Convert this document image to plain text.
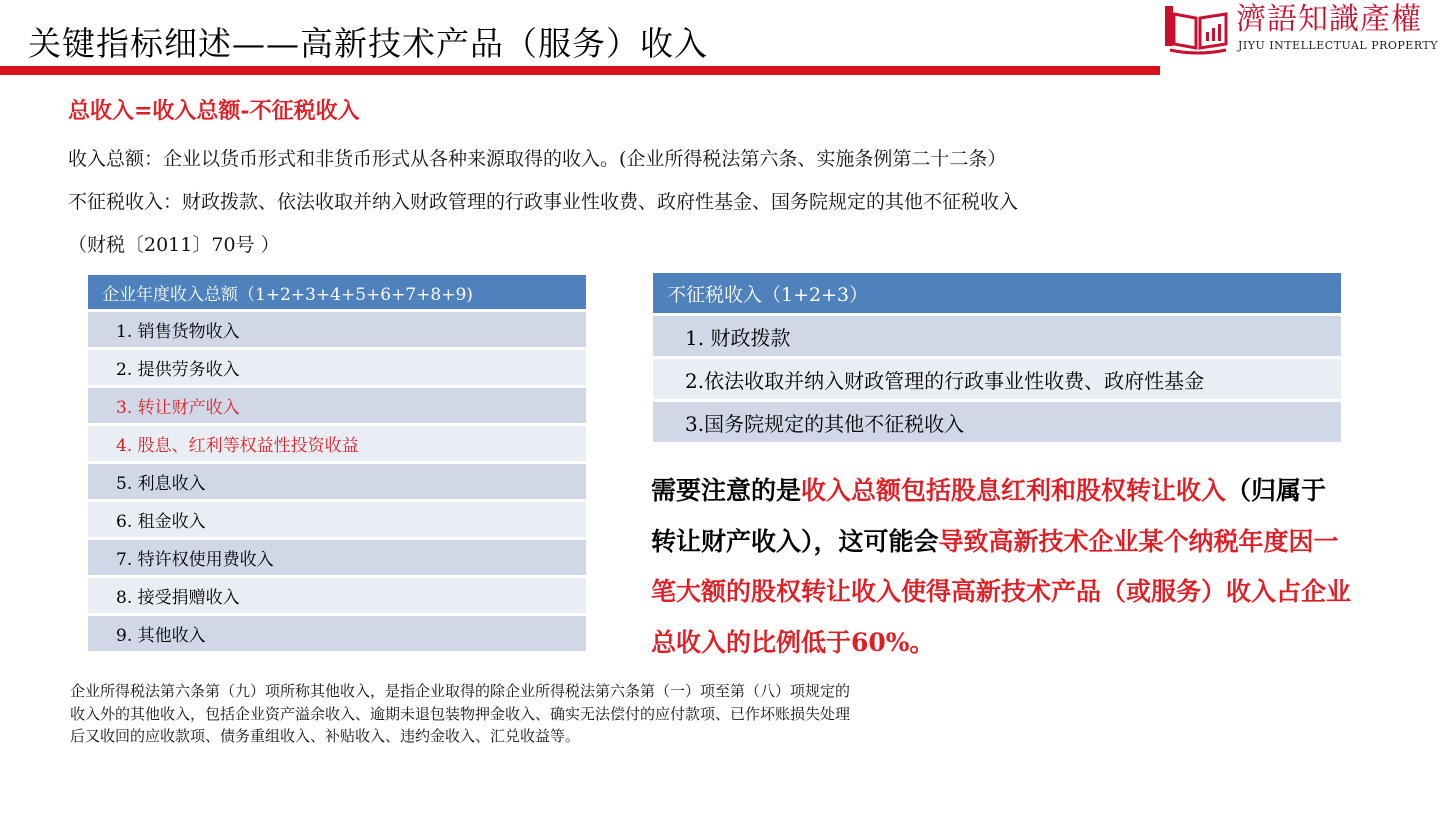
关键指标细述——高新技术产品（服务）收入
濟語知識產權
JIYU INTELLECTUAL PROPERTY
总收入=收入总额-不征税收入
收入总额：企业以货币形式和非货币形式从各种来源取得的收入。(企业所得税法第六条、实施条例第二十二条）
不征税收入：财政拨款、依法收取并纳入财政管理的行政事业性收费、政府性基金、国务院规定的其他不征税收入
（财税〔2011〕70号 ）
企业年度收入总额（1+2+3+4+5+6+7+8+9)
1. 销售货物收入
2. 提供劳务收入
3. 转让财产收入
4. 股息、红利等权益性投资收益
5. 利息收入
6. 租金收入
7. 特许权使用费收入
8. 接受捐赠收入
9. 其他收入
不征税收入（1+2+3）
1. 财政拨款
2.依法收取并纳入财政管理的行政事业性收费、政府性基金
3.国务院规定的其他不征税收入
需要注意的是收入总额包括股息红利和股权转让收入（归属于转让财产收入），这可能会导致高新技术企业某个纳税年度因一笔大额的股权转让收入使得高新技术产品（或服务）收入占企业总收入的比例低于60%。
企业所得税法第六条第（九）项所称其他收入，是指企业取得的除企业所得税法第六条第（一）项至第（八）项规定的收入外的其他收入，包括企业资产溢余收入、逾期未退包装物押金收入、确实无法偿付的应付款项、已作坏账损失处理后又收回的应收款项、债务重组收入、补贴收入、违约金收入、汇兑收益等。
